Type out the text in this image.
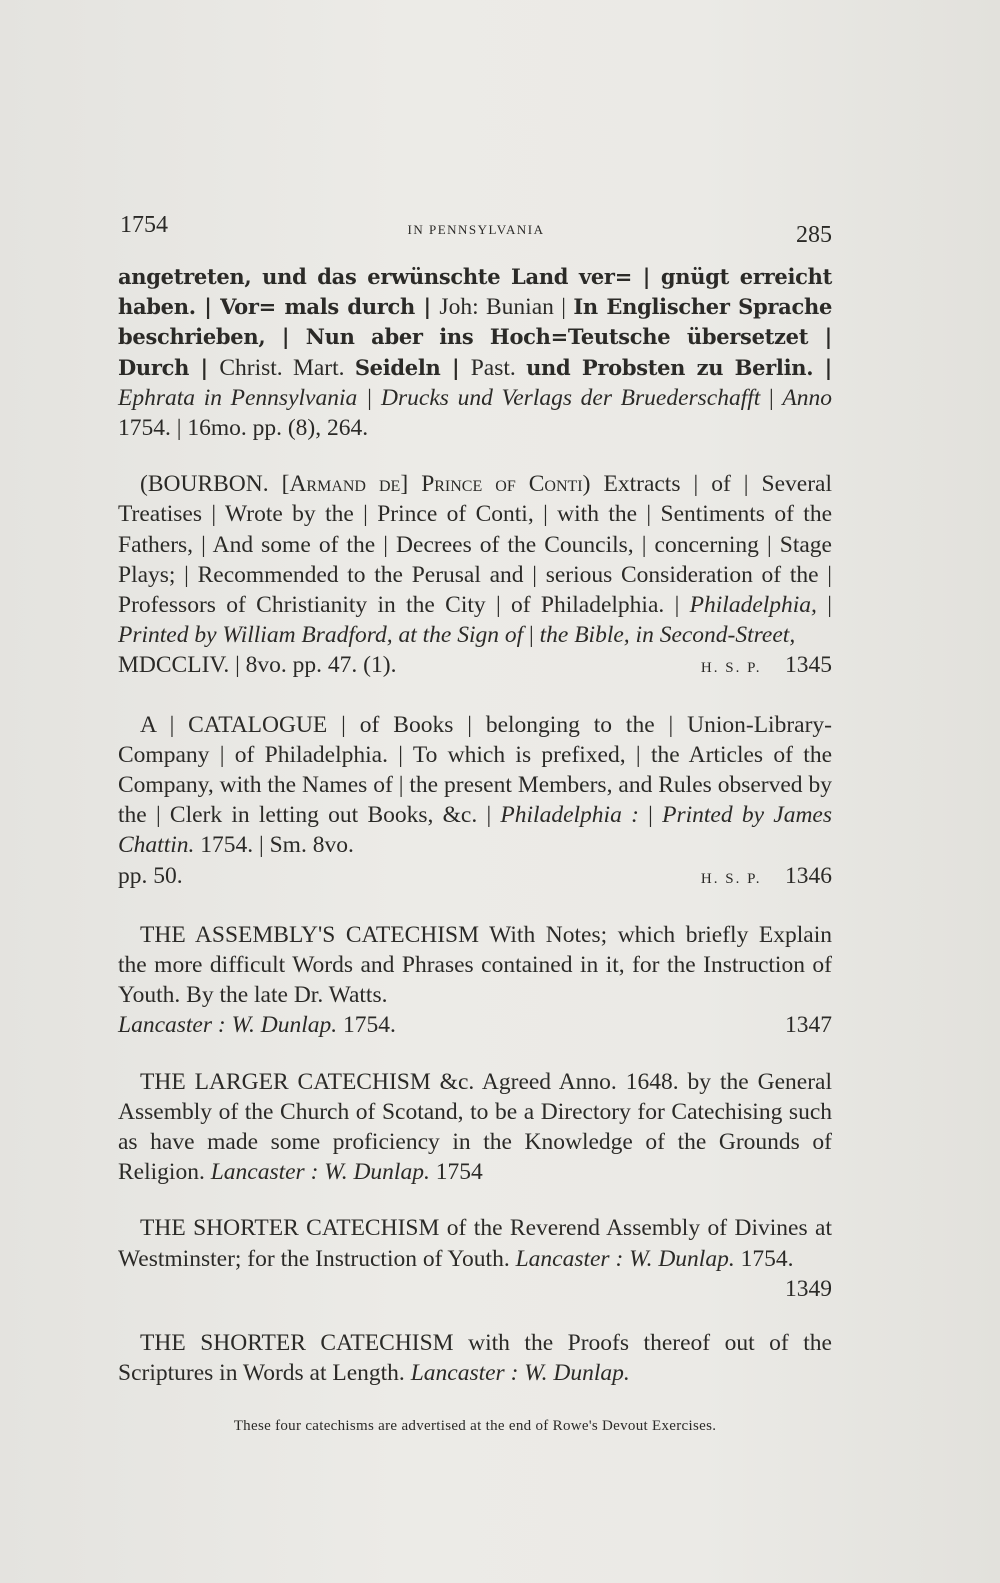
1754	IN PENNSYLVANIA	285

angetreten, und das erwünschte Land ver= | gnügt erreicht haben. | Vor= mals durch | Joh: Bunian | In Englischer Sprache beschrieben, | Nun aber ins Hoch=Teutsche übersetzet | Durch | Christ. Mart. Seideln | Past. und Probsten zu Berlin. | Ephrata in Pennsylvania | Drucks und Verlags der Bruederschafft | Anno 1754. | 16mo. pp. (8), 264.

(BOURBON. [Armand de] Prince of Conti) Extracts | of | Several Treatises | Wrote by the | Prince of Conti, | with the | Sentiments of the Fathers, | And some of the | Decrees of the Councils, | concerning | Stage Plays; | Recommended to the Perusal and | serious Consideration of the | Professors of Christianity in the City | of Philadelphia. | Philadelphia, | Printed by William Bradford, at the Sign of | the Bible, in Second-Street,

MDCCLIV. | 8vo. pp. 47. (1).	H. S. P. 1345

A | CATALOGUE | of Books | belonging to the | Union-Library-Company | of Philadelphia. | To which is prefixed, | the Articles of the Company, with the Names of | the present Members, and Rules observed by the | Clerk in letting out Books, &c. | Philadelphia : | Printed by James Chattin. 1754. | Sm. 8vo.

pp. 50.	H. S. P. 1346

THE ASSEMBLY'S CATECHISM With Notes; which briefly Explain the more difficult Words and Phrases contained in it, for the Instruction of Youth. By the late Dr. Watts.

Lancaster : W. Dunlap. 1754.	1347

THE LARGER CATECHISM &c. Agreed Anno. 1648. by the General Assembly of the Church of Scotand, to be a Directory for Catechising such as have made some proficiency in the Knowledge of the Grounds of Religion. Lancaster : W. Dunlap. 1754

THE SHORTER CATECHISM of the Reverend Assembly of Divines at Westminster; for the Instruction of Youth. Lancaster : W. Dunlap. 1754.

1349

THE SHORTER CATECHISM with the Proofs thereof out of the Scriptures in Words at Length. Lancaster : W. Dunlap.

These four catechisms are advertised at the end of Rowe's Devout Exercises.
